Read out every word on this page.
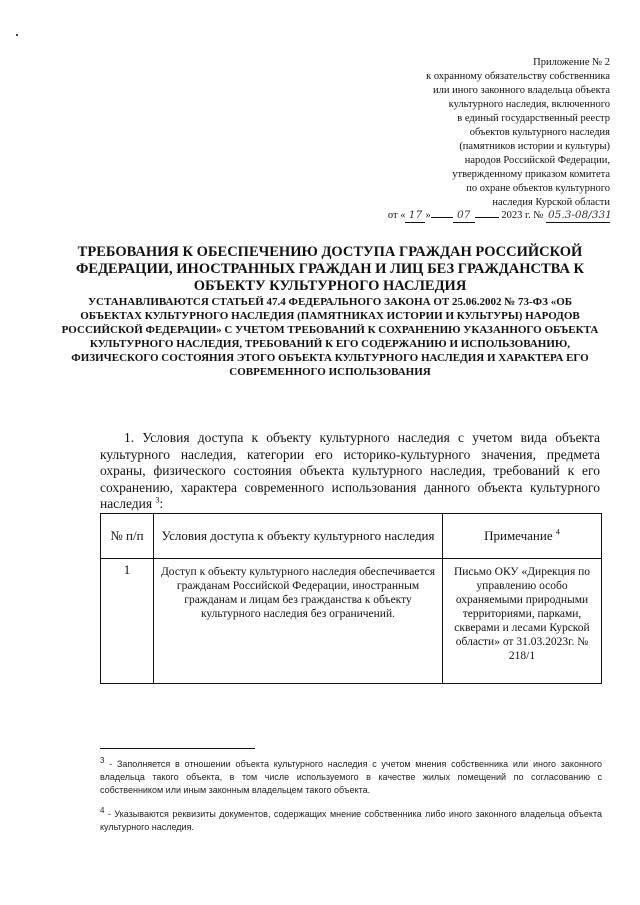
Приложение № 2
к охранному обязательству собственника
или иного законного владельца объекта
культурного наследия, включенного
в единый государственный реестр
объектов культурного наследия
(памятников истории и культуры)
народов Российской Федерации,
утвержденному приказом комитета
по охране объектов культурного
наследия Курской области
от « 17 »	07	2023 г. № 05.3-08/331
ТРЕБОВАНИЯ К ОБЕСПЕЧЕНИЮ ДОСТУПА ГРАЖДАН РОССИЙСКОЙ ФЕДЕРАЦИИ, ИНОСТРАННЫХ ГРАЖДАН И ЛИЦ БЕЗ ГРАЖДАНСТВА К ОБЪЕКТУ КУЛЬТУРНОГО НАСЛЕДИЯ
УСТАНАВЛИВАЮТСЯ СТАТЬЕЙ 47.4 ФЕДЕРАЛЬНОГО ЗАКОНА ОТ 25.06.2002 № 73-ФЗ «ОБ ОБЪЕКТАХ КУЛЬТУРНОГО НАСЛЕДИЯ (ПАМЯТНИКАХ ИСТОРИИ И КУЛЬТУРЫ) НАРОДОВ РОССИЙСКОЙ ФЕДЕРАЦИИ» С УЧЕТОМ ТРЕБОВАНИЙ К СОХРАНЕНИЮ УКАЗАННОГО ОБЪЕКТА КУЛЬТУРНОГО НАСЛЕДИЯ, ТРЕБОВАНИЙ К ЕГО СОДЕРЖАНИЮ И ИСПОЛЬЗОВАНИЮ, ФИЗИЧЕСКОГО СОСТОЯНИЯ ЭТОГО ОБЪЕКТА КУЛЬТУРНОГО НАСЛЕДИЯ И ХАРАКТЕРА ЕГО СОВРЕМЕННОГО ИСПОЛЬЗОВАНИЯ
1. Условия доступа к объекту культурного наследия с учетом вида объекта культурного наследия, категории его историко-культурного значения, предмета охраны, физического состояния объекта культурного наследия, требований к его сохранению, характера современного использования данного объекта культурного наследия $^3$:
№ п/п	Условия доступа к объекту культурного наследия	Примечание $^4$
1	Доступ к объекту культурного наследия обеспечивается гражданам Российской Федерации, иностранным гражданам и лицам без гражданства к объекту культурного наследия без ограничений.	Письмо ОКУ «Дирекция по управлению особо охраняемыми природными территориями, парками, скверами и лесами Курской области» от 31.03.2023г. № 218/1
$^3$ - Заполняется в отношении объекта культурного наследия с учетом мнения собственника или иного законного владельца такого объекта, в том числе используемого в качестве жилых помещений по согласованию с собственником или иным законным владельцем такого объекта.
$^4$ - Указываются реквизиты документов, содержащих мнение собственника либо иного законного владельца объекта культурного наследия.
